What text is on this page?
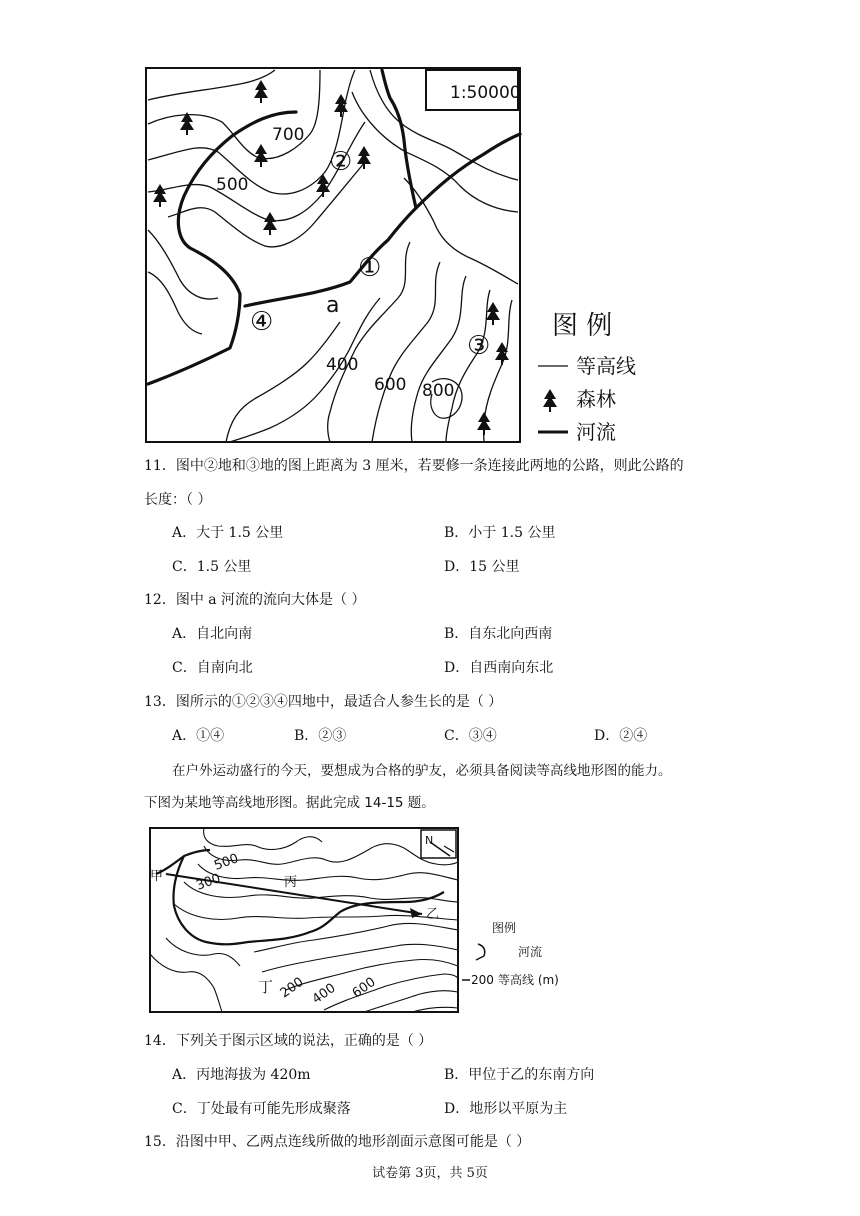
1:50000
700
500
400
600 800
a
①
②
③
④	图 例
等高线
森林
河流
11．图中②地和③地的图上距离为 3 厘米，若要修一条连接此两地的公路，则此公路的
长度：（ ）
A．大于 1.5 公里	B．小于 1.5 公里
C．1.5 公里	D．15 公里
12．图中 a 河流的流向大体是（ ）
A．自北向南	B．自东北向西南
C．自南向北	D．自西南向东北
13．图所示的①②③④四地中，最适合人参生长的是（ ）
A．①④	B．②③	C．③④	D．②④
在户外运动盛行的今天，要想成为合格的驴友，必须具备阅读等高线地形图的能力。
下图为某地等高线地形图。据此完成 14-15 题。
甲
乙
丙
丁
N
300
500
200 400 600
图例
河流
200 等高线 (m)
14．下列关于图示区域的说法，正确的是（ ）
A．丙地海拔为 420m	B．甲位于乙的东南方向
C．丁处最有可能先形成聚落	D．地形以平原为主
15．沿图中甲、乙两点连线所做的地形剖面示意图可能是（ ）
试卷第 3页，共 5页
